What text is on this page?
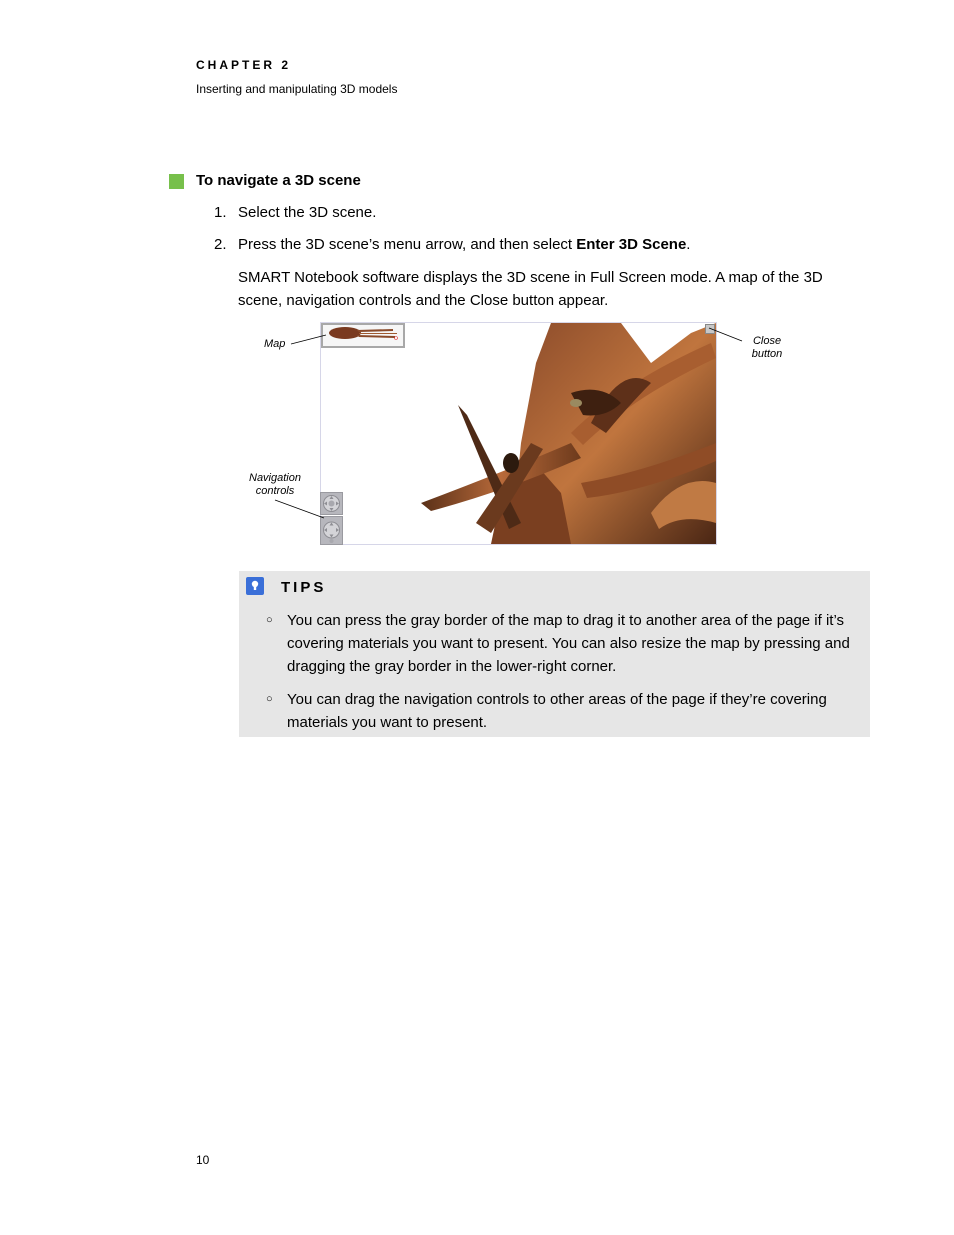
CHAPTER 2
Inserting and manipulating 3D models
To navigate a 3D scene
1. Select the 3D scene.
2. Press the 3D scene’s menu arrow, and then select Enter 3D Scene.
SMART Notebook software displays the 3D scene in Full Screen mode. A map of the 3D scene, navigation controls and the Close button appear.
Map	Close
button
Navigation
controls
TIPS
○ You can press the gray border of the map to drag it to another area of the page if it’s covering materials you want to present. You can also resize the map by pressing and dragging the gray border in the lower-right corner.
○ You can drag the navigation controls to other areas of the page if they’re covering materials you want to present.
10
